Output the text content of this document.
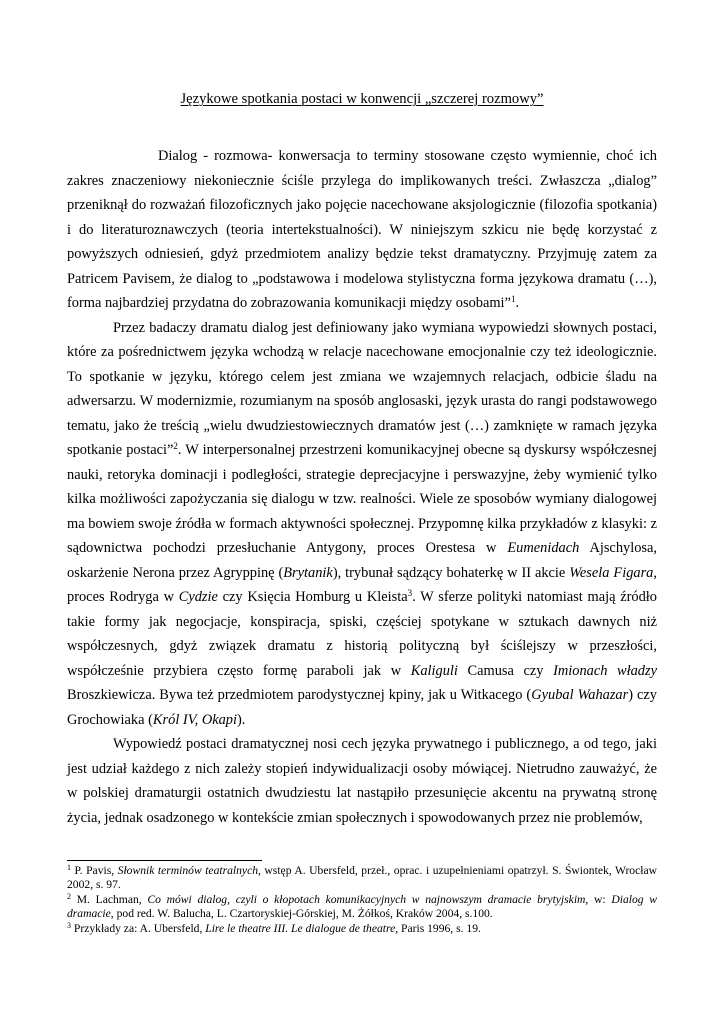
Językowe spotkania postaci w konwencji „szczerej rozmowy”

Dialog - rozmowa- konwersacja to terminy stosowane często wymiennie, choć ich zakres znaczeniowy niekoniecznie ściśle przylega do implikowanych treści. Zwłaszcza „dialog” przeniknął do rozważań filozoficznych jako pojęcie nacechowane aksjologicznie (filozofia spotkania) i do literaturoznawczych (teoria intertekstualności). W niniejszym szkicu nie będę korzystać z powyższych odniesień, gdyż przedmiotem analizy będzie tekst dramatyczny. Przyjmuję zatem za Patricem Pavisem, że dialog to „podstawowa i modelowa stylistyczna forma językowa dramatu (…), forma najbardziej przydatna do zobrazowania komunikacji między osobami”$^1$.

Przez badaczy dramatu dialog jest definiowany jako wymiana wypowiedzi słownych postaci, które za pośrednictwem języka wchodzą w relacje nacechowane emocjonalnie czy też ideologicznie. To spotkanie w języku, którego celem jest zmiana we wzajemnych relacjach, odbicie śladu na adwersarzu. W modernizmie, rozumianym na sposób anglosaski, język urasta do rangi podstawowego tematu, jako że treścią „wielu dwudziestowiecznych dramatów jest (…) zamknięte w ramach języka spotkanie postaci”$^2$. W interpersonalnej przestrzeni komunikacyjnej obecne są dyskursy współczesnej nauki, retoryka dominacji i podległości, strategie deprecjacyjne i perswazyjne, żeby wymienić tylko kilka możliwości zapożyczania się dialogu w tzw. realności. Wiele ze sposobów wymiany dialogowej ma bowiem swoje źródła w formach aktywności społecznej. Przypomnę kilka przykładów z klasyki: z sądownictwa pochodzi przesłuchanie Antygony, proces Orestesa w Eumenidach Ajschylosa, oskarżenie Nerona przez Agryppinę (Brytanik), trybunał sądzący bohaterkę w II akcie Wesela Figara, proces Rodryga w Cydzie czy Księcia Homburg u Kleista$^3$. W sferze polityki natomiast mają źródło takie formy jak negocjacje, konspiracja, spiski, częściej spotykane w sztukach dawnych niż współczesnych, gdyż związek dramatu z historią polityczną był ściślejszy w przeszłości, współcześnie przybiera często formę paraboli jak w Kaliguli Camusa czy Imionach władzy Broszkiewicza. Bywa też przedmiotem parodystycznej kpiny, jak u Witkacego (Gyubal Wahazar) czy Grochowiaka (Król IV, Okapi).

Wypowiedź postaci dramatycznej nosi cech języka prywatnego i publicznego, a od tego, jaki jest udział każdego z nich zależy stopień indywidualizacji osoby mówiącej. Nietrudno zauważyć, że w polskiej dramaturgii ostatnich dwudziestu lat nastąpiło przesunięcie akcentu na prywatną stronę życia, jednak osadzonego w kontekście zmian społecznych i spowodowanych przez nie problemów,

$^1$ P. Pavis, Słownik terminów teatralnych, wstęp A. Ubersfeld, przeł., oprac. i uzupełnieniami opatrzył. S. Świontek, Wrocław 2002, s. 97.

$^2$ M. Lachman, Co mówi dialog, czyli o kłopotach komunikacyjnych w najnowszym dramacie brytyjskim, w: Dialog w dramacie, pod red. W. Balucha, L. Czartoryskiej-Górskiej, M. Żółkoś, Kraków 2004, s.100.

$^3$ Przykłady za: A. Ubersfeld, Lire le theatre III. Le dialogue de theatre, Paris 1996, s. 19.
